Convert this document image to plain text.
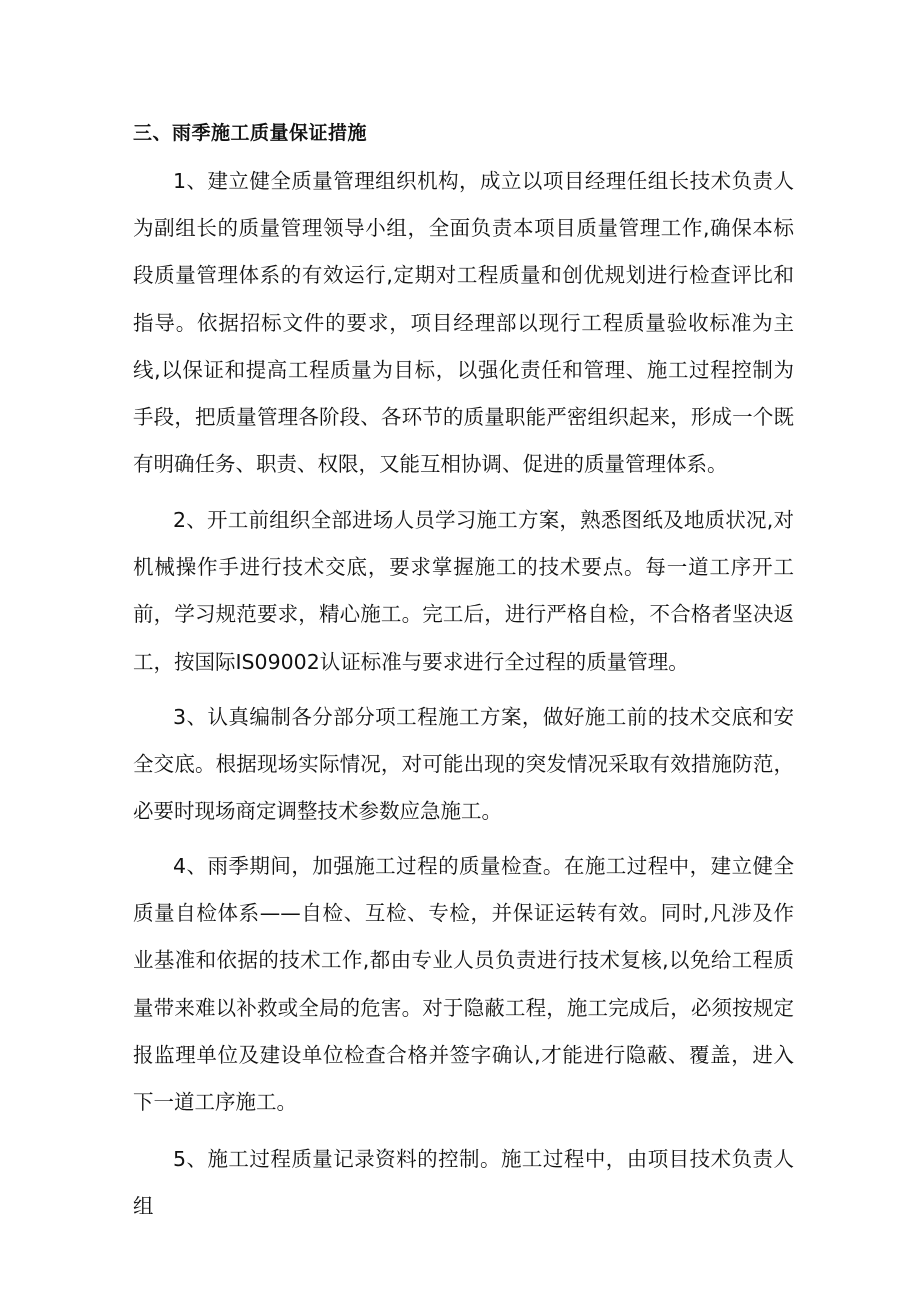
三、雨季施工质量保证措施

1、建立健全质量管理组织机构，成立以项目经理任组长技术负责人为副组长的质量管理领导小组，全面负责本项目质量管理工作,确保本标段质量管理体系的有效运行,定期对工程质量和创优规划进行检查评比和指导。依据招标文件的要求，项目经理部以现行工程质量验收标准为主线,以保证和提高工程质量为目标，以强化责任和管理、施工过程控制为手段，把质量管理各阶段、各环节的质量职能严密组织起来，形成一个既有明确任务、职责、权限，又能互相协调、促进的质量管理体系。

2、开工前组织全部进场人员学习施工方案，熟悉图纸及地质状况,对机械操作手进行技术交底，要求掌握施工的技术要点。每一道工序开工前，学习规范要求，精心施工。完工后，进行严格自检，不合格者坚决返工，按国际IS09002认证标准与要求进行全过程的质量管理。

3、认真编制各分部分项工程施工方案，做好施工前的技术交底和安全交底。根据现场实际情况，对可能出现的突发情况采取有效措施防范，必要时现场商定调整技术参数应急施工。

4、雨季期间，加强施工过程的质量检查。在施工过程中，建立健全质量自检体系——自检、互检、专检，并保证运转有效。同时,凡涉及作业基准和依据的技术工作,都由专业人员负责进行技术复核,以免给工程质量带来难以补救或全局的危害。对于隐蔽工程，施工完成后，必须按规定报监理单位及建设单位检查合格并签字确认,才能进行隐蔽、覆盖，进入下一道工序施工。

5、施工过程质量记录资料的控制。施工过程中，由项目技术负责人组
